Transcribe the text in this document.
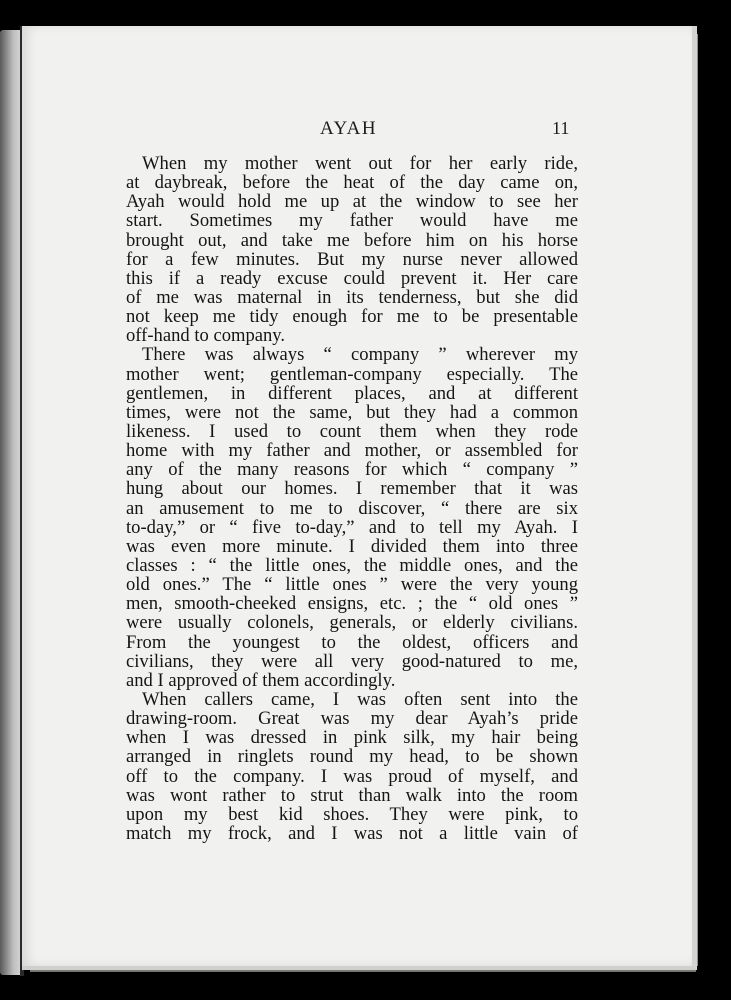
AYAH	11
When my mother went out for her early ride,
at daybreak, before the heat of the day came on,
Ayah would hold me up at the window to see her
start. Sometimes my father would have me
brought out, and take me before him on his horse
for a few minutes. But my nurse never allowed
this if a ready excuse could prevent it. Her care
of me was maternal in its tenderness, but she did
not keep me tidy enough for me to be presentable
off-hand to company.
There was always “ company ” wherever my
mother went; gentleman-company especially. The
gentlemen, in different places, and at different
times, were not the same, but they had a common
likeness. I used to count them when they rode
home with my father and mother, or assembled for
any of the many reasons for which “ company ”
hung about our homes. I remember that it was
an amusement to me to discover, “ there are six
to-day,” or “ five to-day,” and to tell my Ayah. I
was even more minute. I divided them into three
classes : “ the little ones, the middle ones, and the
old ones.” The “ little ones ” were the very young
men, smooth-cheeked ensigns, etc. ; the “ old ones ”
were usually colonels, generals, or elderly civilians.
From the youngest to the oldest, officers and
civilians, they were all very good-natured to me,
and I approved of them accordingly.
When callers came, I was often sent into the
drawing-room. Great was my dear Ayah’s pride
when I was dressed in pink silk, my hair being
arranged in ringlets round my head, to be shown
off to the company. I was proud of myself, and
was wont rather to strut than walk into the room
upon my best kid shoes. They were pink, to
match my frock, and I was not a little vain of
